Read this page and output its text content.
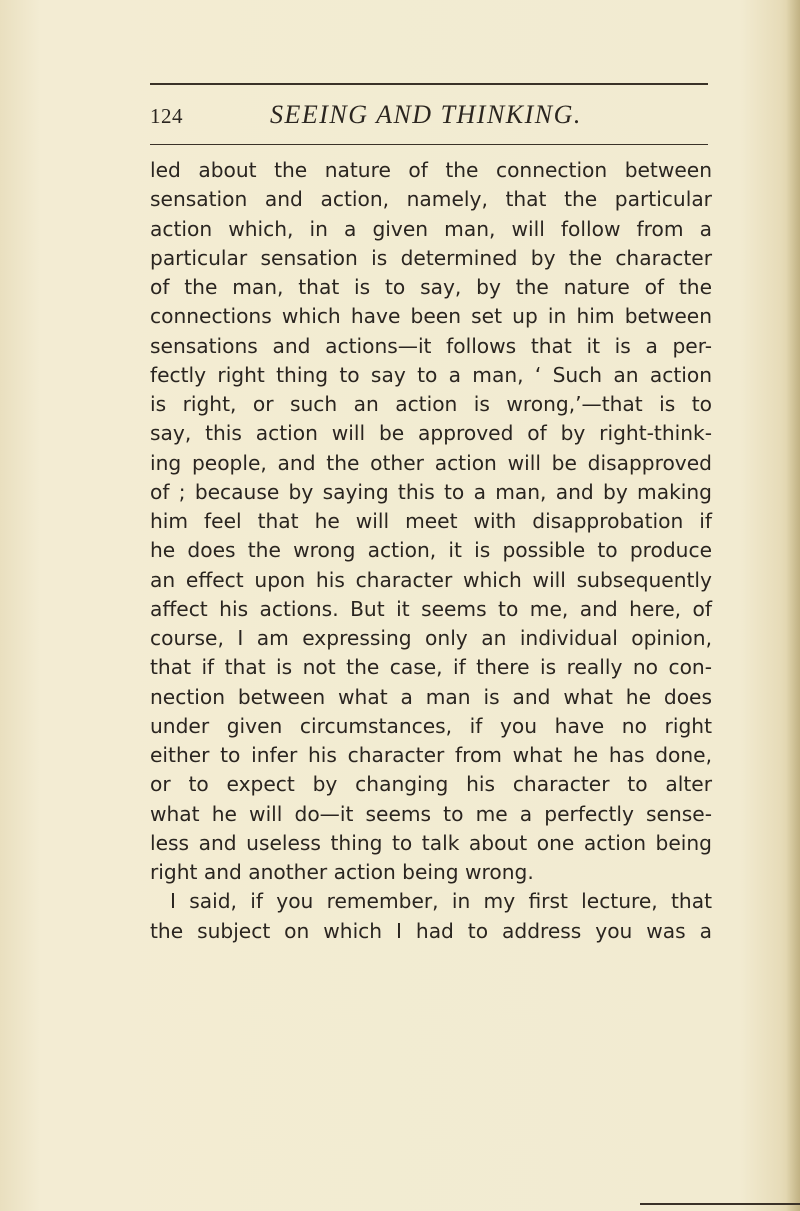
124	SEEING AND THINKING.
led about the nature of the connection between
sensation and action, namely, that the particular
action which, in a given man, will follow from a
particular sensation is determined by the character
of the man, that is to say, by the nature of the
connections which have been set up in him between
sensations and actions—it follows that it is a per-
fectly right thing to say to a man, ‘ Such an action
is right, or such an action is wrong,’—that is to
say, this action will be approved of by right-think-
ing people, and the other action will be disapproved
of ; because by saying this to a man, and by making
him feel that he will meet with disapprobation if
he does the wrong action, it is possible to produce
an effect upon his character which will subsequently
affect his actions. But it seems to me, and here, of
course, I am expressing only an individual opinion,
that if that is not the case, if there is really no con-
nection between what a man is and what he does
under given circumstances, if you have no right
either to infer his character from what he has done,
or to expect by changing his character to alter
what he will do—it seems to me a perfectly sense-
less and useless thing to talk about one action being
right and another action being wrong.
I said, if you remember, in my first lecture, that
the subject on which I had to address you was a
